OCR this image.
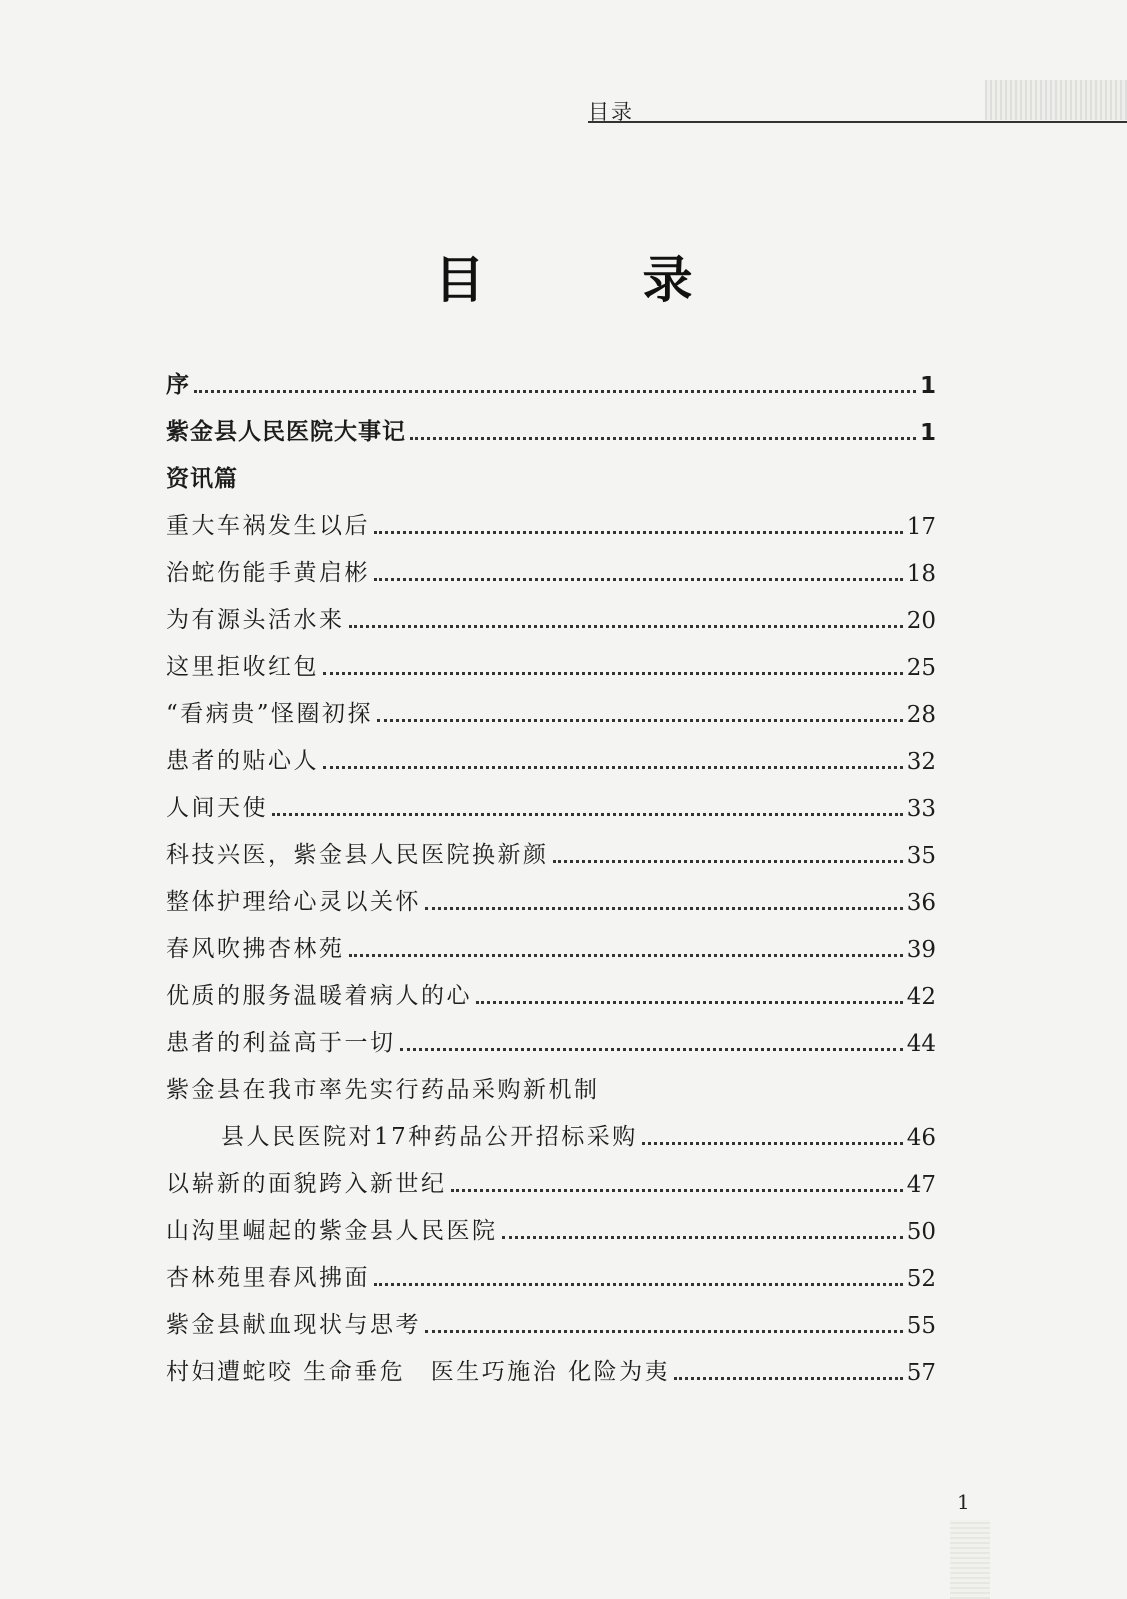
目录
目　录
序	1
紫金县人民医院大事记	1
资讯篇
重大车祸发生以后	17
治蛇伤能手黄启彬	18
为有源头活水来	20
这里拒收红包	25
“看病贵”怪圈初探	28
患者的贴心人	32
人间天使	33
科技兴医，紫金县人民医院换新颜	35
整体护理给心灵以关怀	36
春风吹拂杏林苑	39
优质的服务温暖着病人的心	42
患者的利益高于一切	44
紫金县在我市率先实行药品采购新机制
县人民医院对17种药品公开招标采购	46
以崭新的面貌跨入新世纪	47
山沟里崛起的紫金县人民医院	50
杏林苑里春风拂面	52
紫金县献血现状与思考	55
村妇遭蛇咬 生命垂危　医生巧施治 化险为夷	57
1
